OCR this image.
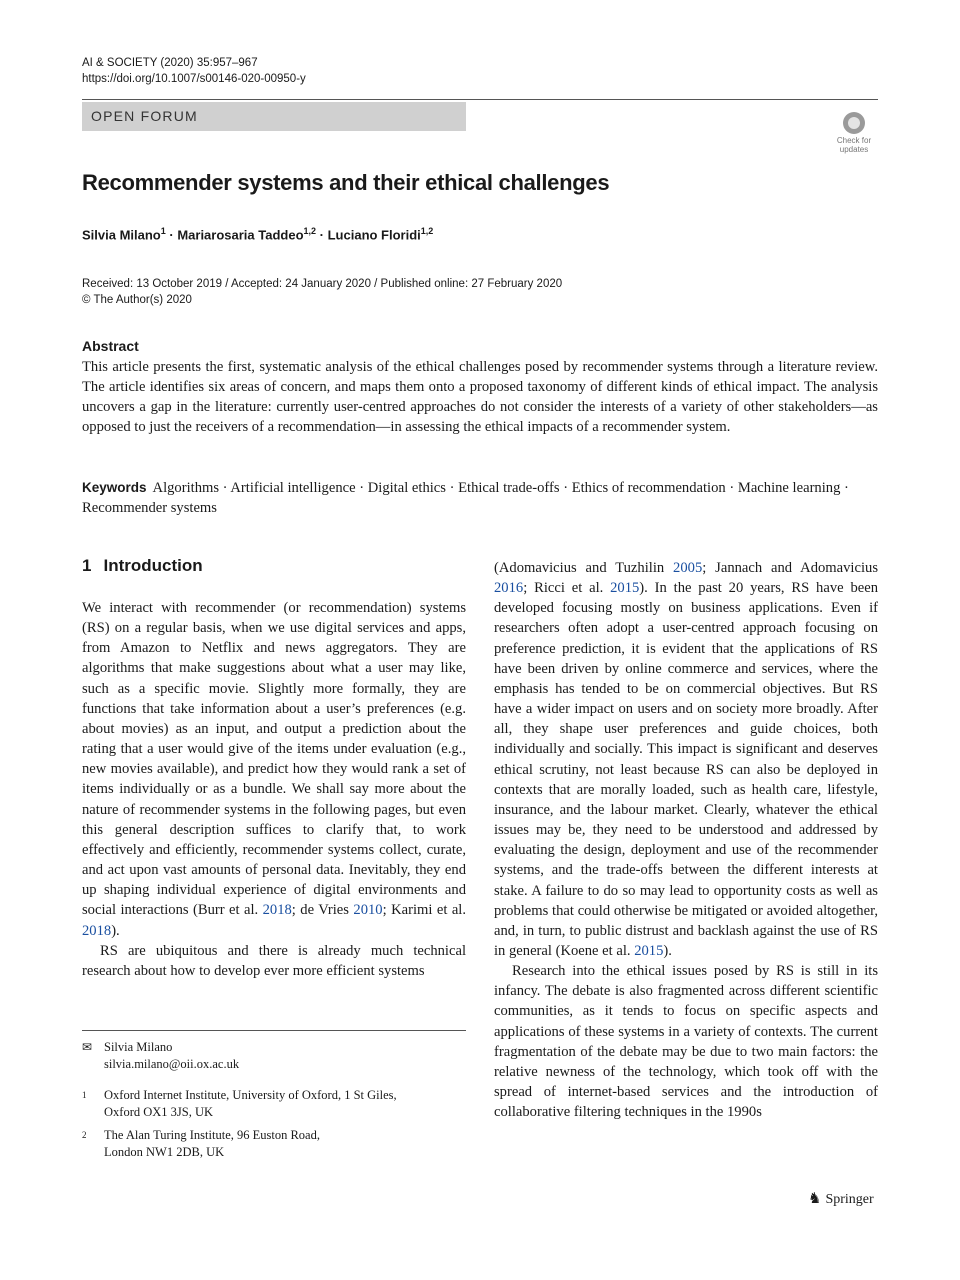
AI & SOCIETY (2020) 35:957–967
https://doi.org/10.1007/s00146-020-00950-y
OPEN FORUM
Check for
updates
Recommender systems and their ethical challenges
Silvia Milano$^1$ · Mariarosaria Taddeo$^{1,2}$ · Luciano Floridi$^{1,2}$
Received: 13 October 2019 / Accepted: 24 January 2020 / Published online: 27 February 2020
© The Author(s) 2020
Abstract
This article presents the first, systematic analysis of the ethical challenges posed by recommender systems through a literature review. The article identifies six areas of concern, and maps them onto a proposed taxonomy of different kinds of ethical impact. The analysis uncovers a gap in the literature: currently user-centred approaches do not consider the interests of a variety of other stakeholders—as opposed to just the receivers of a recommendation—in assessing the ethical impacts of a recommender system.
Keywords Algorithms · Artificial intelligence · Digital ethics · Ethical trade-offs · Ethics of recommendation · Machine learning · Recommender systems
1 Introduction

We interact with recommender (or recommendation) systems (RS) on a regular basis, when we use digital services and apps, from Amazon to Netflix and news aggregators. They are algorithms that make suggestions about what a user may like, such as a specific movie. Slightly more formally, they are functions that take information about a user’s preferences (e.g. about movies) as an input, and output a prediction about the rating that a user would give of the items under evaluation (e.g., new movies available), and predict how they would rank a set of items individually or as a bundle. We shall say more about the nature of recommender systems in the following pages, but even this general description suffices to clarify that, to work effectively and efficiently, recommender systems collect, curate, and act upon vast amounts of personal data. Inevitably, they end up shaping individual experience of digital environments and social interactions (Burr et al. 2018; de Vries 2010; Karimi et al. 2018).

RS are ubiquitous and there is already much technical research about how to develop ever more efficient systems

(Adomavicius and Tuzhilin 2005; Jannach and Adomavicius 2016; Ricci et al. 2015). In the past 20 years, RS have been developed focusing mostly on business applications. Even if researchers often adopt a user-centred approach focusing on preference prediction, it is evident that the applications of RS have been driven by online commerce and services, where the emphasis has tended to be on commercial objectives. But RS have a wider impact on users and on society more broadly. After all, they shape user preferences and guide choices, both individually and socially. This impact is significant and deserves ethical scrutiny, not least because RS can also be deployed in contexts that are morally loaded, such as health care, lifestyle, insurance, and the labour market. Clearly, whatever the ethical issues may be, they need to be understood and addressed by evaluating the design, deployment and use of the recommender systems, and the trade-offs between the different interests at stake. A failure to do so may lead to opportunity costs as well as problems that could otherwise be mitigated or avoided altogether, and, in turn, to public distrust and backlash against the use of RS in general (Koene et al. 2015).

Research into the ethical issues posed by RS is still in its infancy. The debate is also fragmented across different scientific communities, as it tends to focus on specific aspects and applications of these systems in a variety of contexts. The current fragmentation of the debate may be due to two main factors: the relative newness of the technology, which took off with the spread of internet-based services and the introduction of collaborative filtering techniques in the 1990s

✉ Silvia Milano
silvia.milano@oii.ox.ac.uk
1 Oxford Internet Institute, University of Oxford, 1 St Giles,
Oxford OX1 3JS, UK
2 The Alan Turing Institute, 96 Euston Road,
London NW1 2DB, UK
♞ Springer
